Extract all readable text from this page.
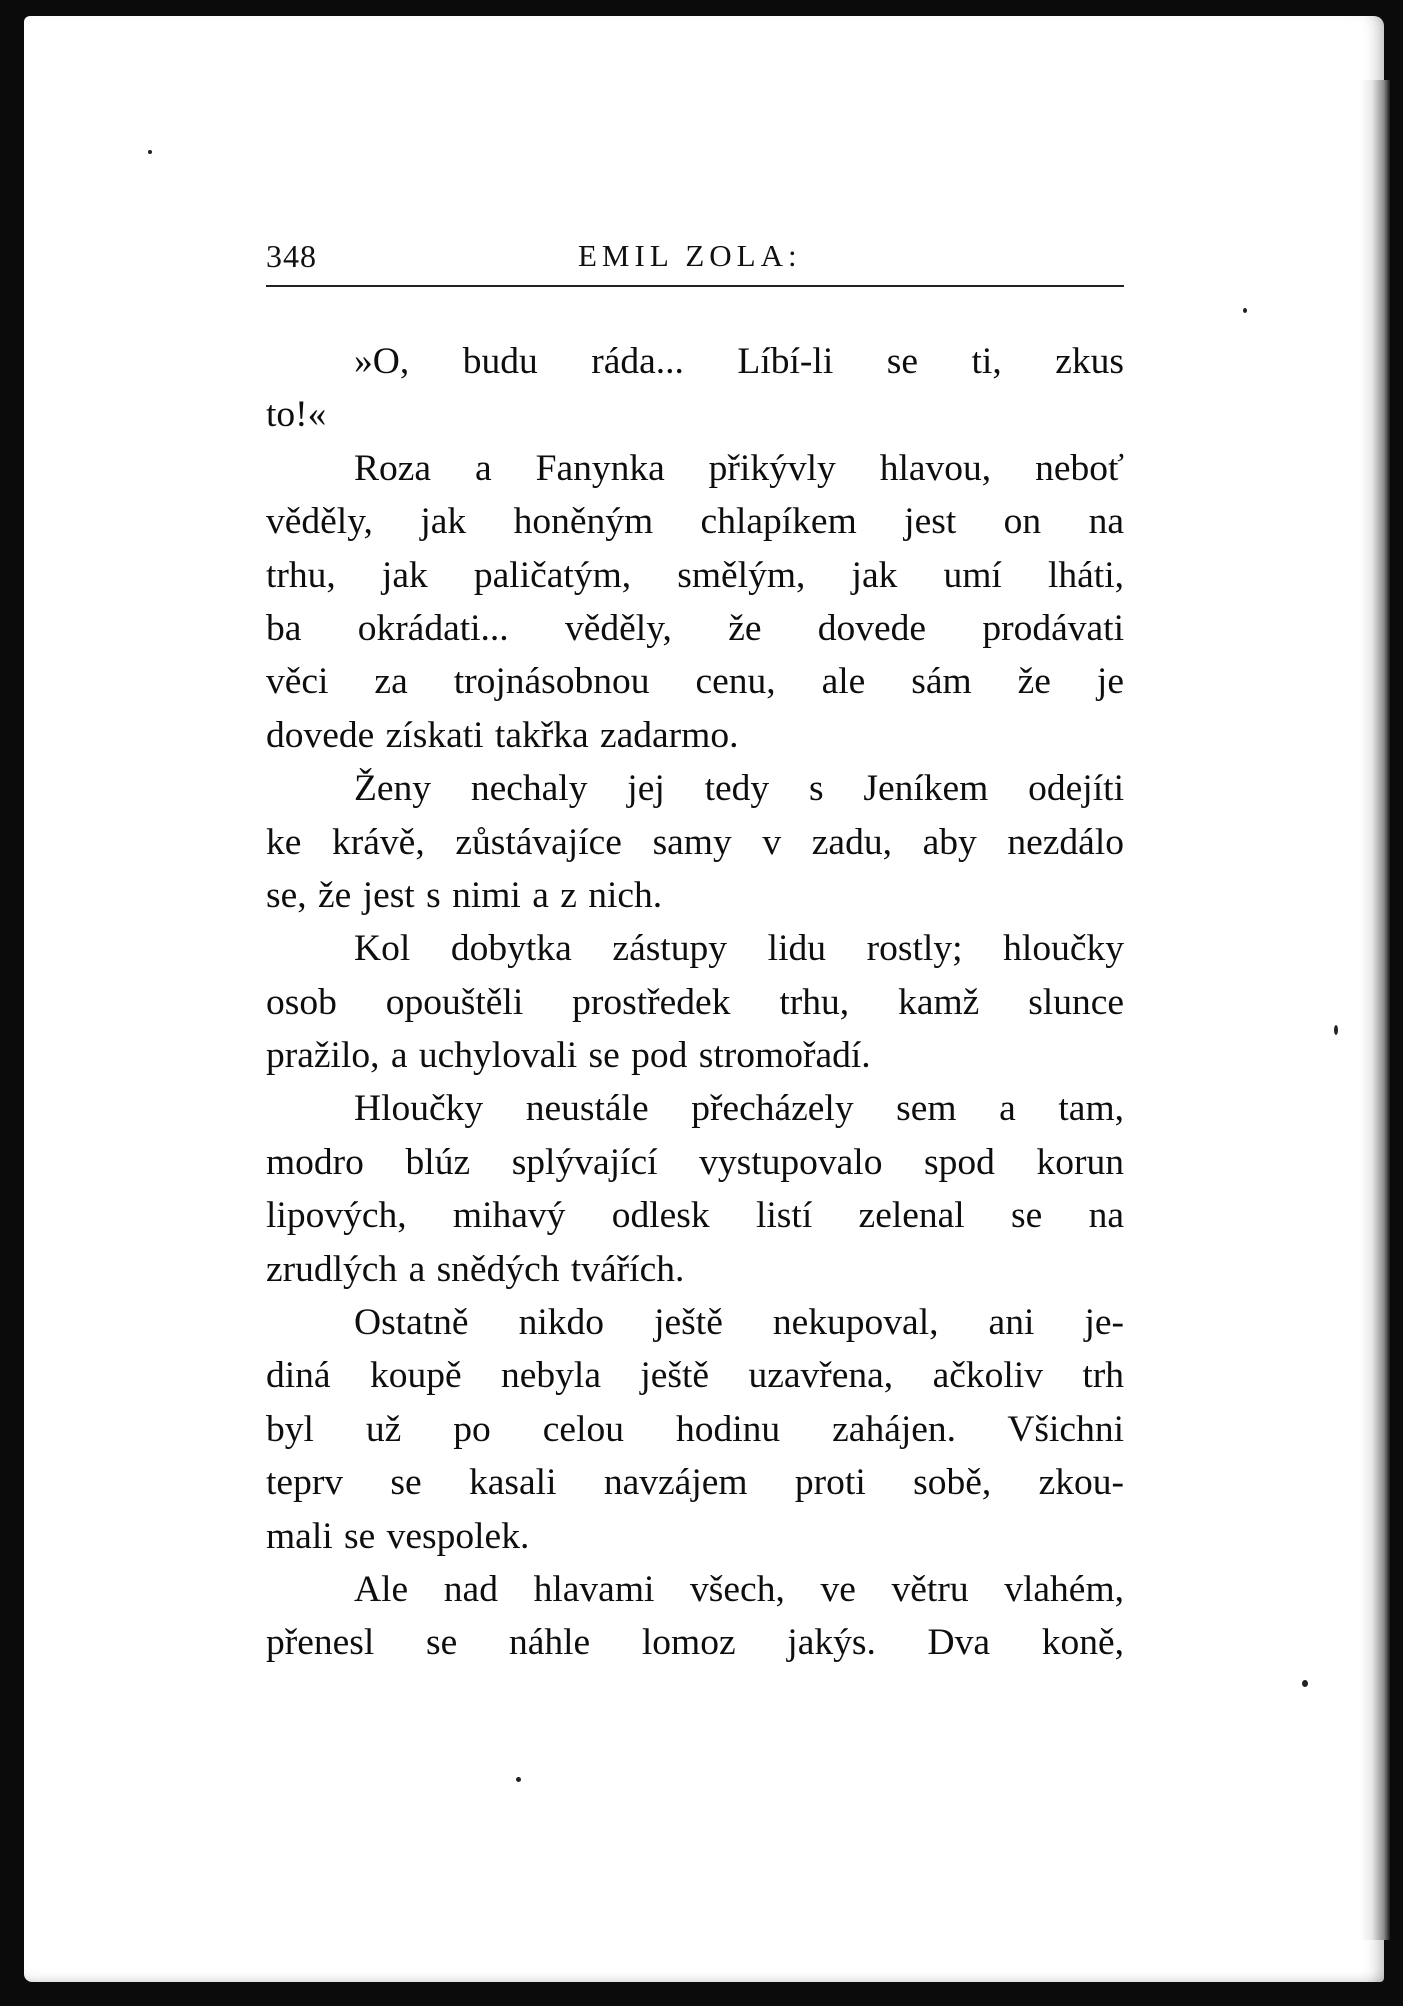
348	EMIL ZOLA:
»O, budu ráda... Líbí-li se ti, zkus
to!«
Roza a Fanynka přikývly hlavou, neboť
věděly, jak honěným chlapíkem jest on na
trhu, jak paličatým, smělým, jak umí lháti,
ba okrádati... věděly, že dovede prodávati
věci za trojnásobnou cenu, ale sám že je
dovede získati takřka zadarmo.
Ženy nechaly jej tedy s Jeníkem odejíti
ke krávě, zůstávajíce samy v zadu, aby nezdálo
se, že jest s nimi a z nich.
Kol dobytka zástupy lidu rostly; hloučky
osob opouštěli prostředek trhu, kamž slunce
pražilo, a uchylovali se pod stromořadí.
Hloučky neustále přecházely sem a tam,
modro blúz splývající vystupovalo spod korun
lipových, mihavý odlesk listí zelenal se na
zrudlých a snědých tvářích.
Ostatně nikdo ještě nekupoval, ani je-
diná koupě nebyla ještě uzavřena, ačkoliv trh
byl už po celou hodinu zahájen. Všichni
teprv se kasali navzájem proti sobě, zkou-
mali se vespolek.
Ale nad hlavami všech, ve větru vlahém,
přenesl se náhle lomoz jakýs. Dva koně,
